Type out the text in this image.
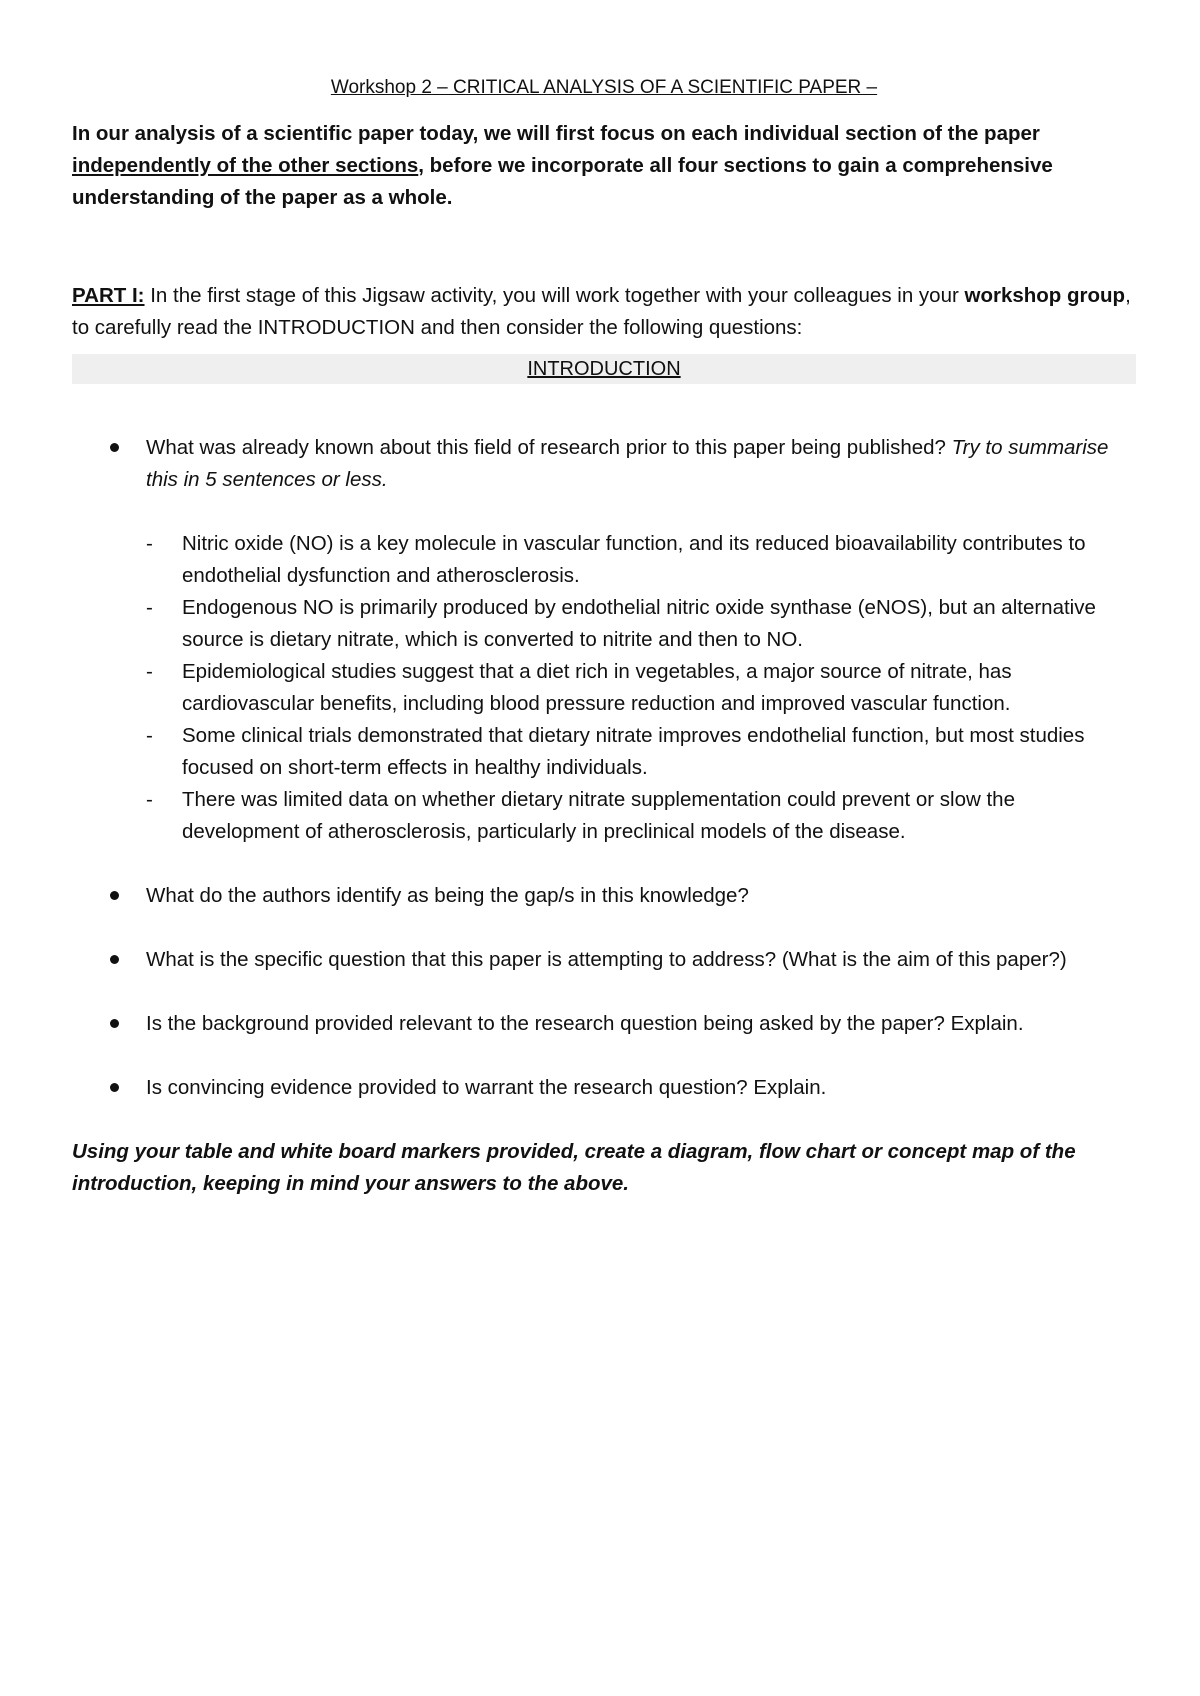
Workshop 2 – CRITICAL ANALYSIS OF A SCIENTIFIC PAPER –

In our analysis of a scientific paper today, we will first focus on each individual section of the paper independently of the other sections, before we incorporate all four sections to gain a comprehensive understanding of the paper as a whole.
PART I: In the first stage of this Jigsaw activity, you will work together with your colleagues in your workshop group, to carefully read the INTRODUCTION and then consider the following questions:
INTRODUCTION
What was already known about this field of research prior to this paper being published? Try to summarise this in 5 sentences or less.
- Nitric oxide (NO) is a key molecule in vascular function, and its reduced bioavailability contributes to endothelial dysfunction and atherosclerosis.
- Endogenous NO is primarily produced by endothelial nitric oxide synthase (eNOS), but an alternative source is dietary nitrate, which is converted to nitrite and then to NO.
- Epidemiological studies suggest that a diet rich in vegetables, a major source of nitrate, has cardiovascular benefits, including blood pressure reduction and improved vascular function.
- Some clinical trials demonstrated that dietary nitrate improves endothelial function, but most studies focused on short-term effects in healthy individuals.
- There was limited data on whether dietary nitrate supplementation could prevent or slow the development of atherosclerosis, particularly in preclinical models of the disease.
What do the authors identify as being the gap/s in this knowledge?
What is the specific question that this paper is attempting to address? (What is the aim of this paper?)
Is the background provided relevant to the research question being asked by the paper? Explain.
Is convincing evidence provided to warrant the research question? Explain.
Using your table and white board markers provided, create a diagram, flow chart or concept map of the introduction, keeping in mind your answers to the above.
